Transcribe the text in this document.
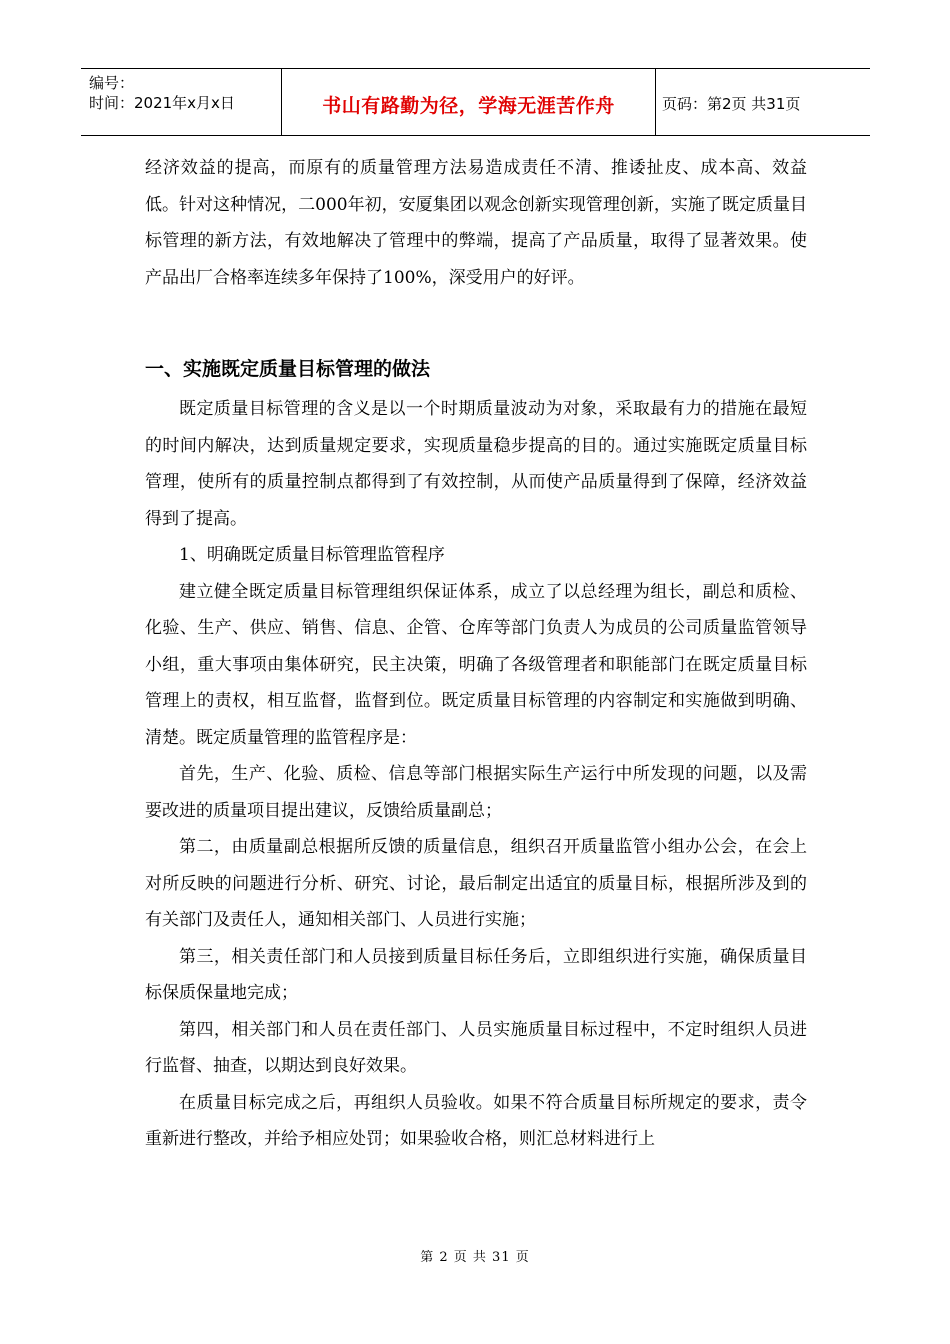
编号：
时间：2021年x月x日	书山有路勤为径，学海无涯苦作舟	页码：第2页 共31页

经济效益的提高，而原有的质量管理方法易造成责任不清、推诿扯皮、成本高、效益低。针对这种情况，二000年初，安厦集团以观念创新实现管理创新，实施了既定质量目标管理的新方法，有效地解决了管理中的弊端，提高了产品质量，取得了显著效果。使产品出厂合格率连续多年保持了100%，深受用户的好评。

一、实施既定质量目标管理的做法

既定质量目标管理的含义是以一个时期质量波动为对象，采取最有力的措施在最短的时间内解决，达到质量规定要求，实现质量稳步提高的目的。通过实施既定质量目标管理，使所有的质量控制点都得到了有效控制，从而使产品质量得到了保障，经济效益得到了提高。

1、明确既定质量目标管理监管程序

建立健全既定质量目标管理组织保证体系，成立了以总经理为组长，副总和质检、化验、生产、供应、销售、信息、企管、仓库等部门负责人为成员的公司质量监管领导小组，重大事项由集体研究，民主决策，明确了各级管理者和职能部门在既定质量目标管理上的责权，相互监督，监督到位。既定质量目标管理的内容制定和实施做到明确、清楚。既定质量管理的监管程序是：

首先，生产、化验、质检、信息等部门根据实际生产运行中所发现的问题，以及需要改进的质量项目提出建议，反馈给质量副总；

第二，由质量副总根据所反馈的质量信息，组织召开质量监管小组办公会，在会上对所反映的问题进行分析、研究、讨论，最后制定出适宜的质量目标，根据所涉及到的有关部门及责任人，通知相关部门、人员进行实施；

第三，相关责任部门和人员接到质量目标任务后，立即组织进行实施，确保质量目标保质保量地完成；

第四，相关部门和人员在责任部门、人员实施质量目标过程中，不定时组织人员进行监督、抽查，以期达到良好效果。

在质量目标完成之后，再组织人员验收。如果不符合质量目标所规定的要求，责令重新进行整改，并给予相应处罚；如果验收合格，则汇总材料进行上

第 2 页 共 31 页
